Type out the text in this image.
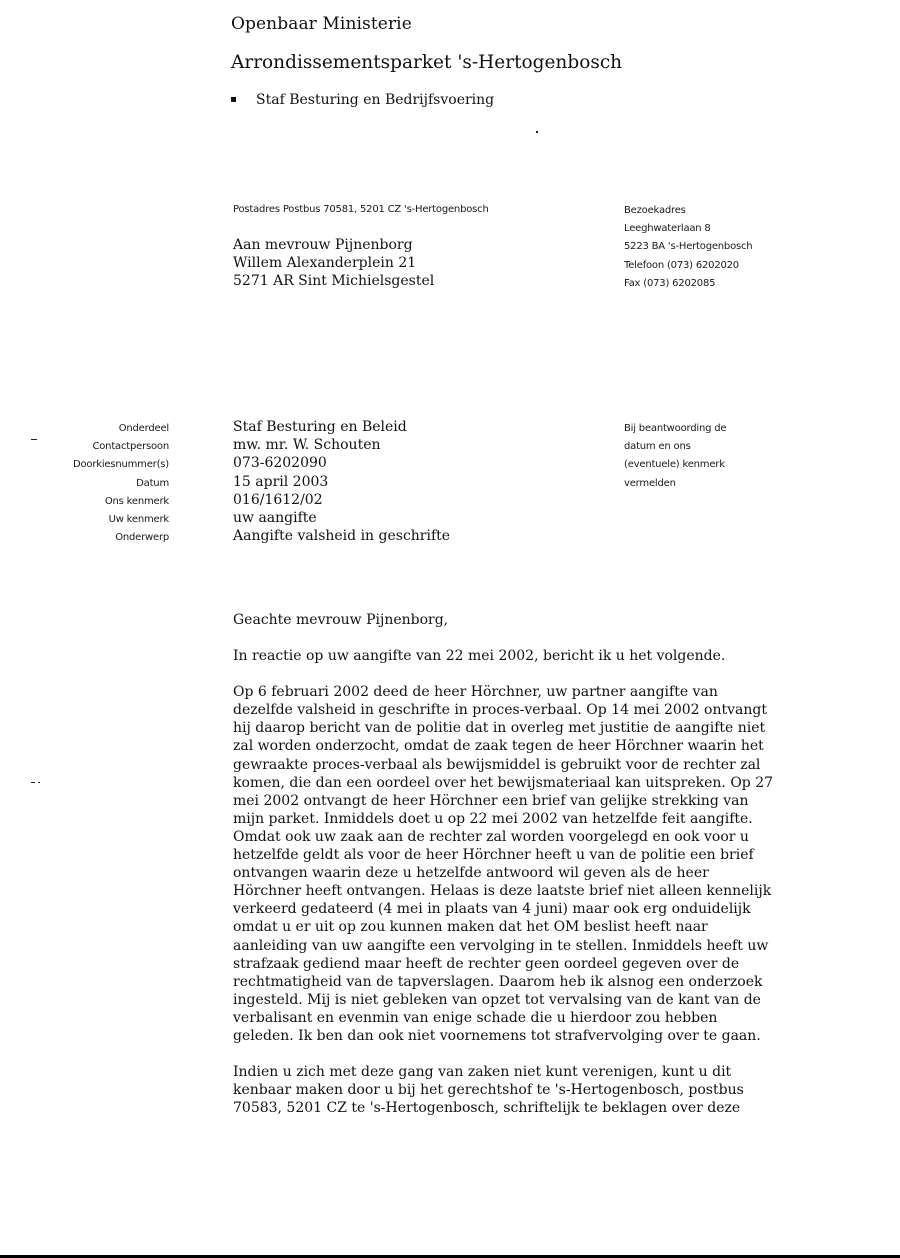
Openbaar Ministerie
Arrondissementsparket 's-Hertogenbosch
Staf Besturing en Bedrijfsvoering
Postadres Postbus 70581, 5201 CZ 's-Hertogenbosch
Aan mevrouw Pijnenborg
Willem Alexanderplein 21
5271 AR Sint Michielsgestel
Bezoekadres
Leeghwaterlaan 8
5223 BA 's-Hertogenbosch
Telefoon (073) 6202020
Fax (073) 6202085
Onderdeel
Contactpersoon
Doorkiesnummer(s)
Datum
Ons kenmerk
Uw kenmerk
Onderwerp
Staf Besturing en Beleid
mw. mr. W. Schouten
073-6202090
15 april 2003
016/1612/02
uw aangifte
Aangifte valsheid in geschrifte
Bij beantwoording de
datum en ons
(eventuele) kenmerk
vermelden

Geachte mevrouw Pijnenborg,

In reactie op uw aangifte van 22 mei 2002, bericht ik u het volgende.

Op 6 februari 2002 deed de heer Hörchner, uw partner aangifte van dezelfde valsheid in geschrifte in proces-verbaal. Op 14 mei 2002 ontvangt hij daarop bericht van de politie dat in overleg met justitie de aangifte niet zal worden onderzocht, omdat de zaak tegen de heer Hörchner waarin het gewraakte proces-verbaal als bewijsmiddel is gebruikt voor de rechter zal komen, die dan een oordeel over het bewijsmateriaal kan uitspreken. Op 27 mei 2002 ontvangt de heer Hörchner een brief van gelijke strekking van mijn parket. Inmiddels doet u op 22 mei 2002 van hetzelfde feit aangifte. Omdat ook uw zaak aan de rechter zal worden voorgelegd en ook voor u hetzelfde geldt als voor de heer Hörchner heeft u van de politie een brief ontvangen waarin deze u hetzelfde antwoord wil geven als de heer Hörchner heeft ontvangen. Helaas is deze laatste brief niet alleen kennelijk verkeerd gedateerd (4 mei in plaats van 4 juni) maar ook erg onduidelijk omdat u er uit op zou kunnen maken dat het OM beslist heeft naar aanleiding van uw aangifte een vervolging in te stellen. Inmiddels heeft uw strafzaak gediend maar heeft de rechter geen oordeel gegeven over de rechtmatigheid van de tapverslagen. Daarom heb ik alsnog een onderzoek ingesteld. Mij is niet gebleken van opzet tot vervalsing van de kant van de verbalisant en evenmin van enige schade die u hierdoor zou hebben geleden. Ik ben dan ook niet voornemens tot strafvervolging over te gaan.

Indien u zich met deze gang van zaken niet kunt verenigen, kunt u dit kenbaar maken door u bij het gerechtshof te 's-Hertogenbosch, postbus 70583, 5201 CZ te 's-Hertogenbosch, schriftelijk te beklagen over deze
